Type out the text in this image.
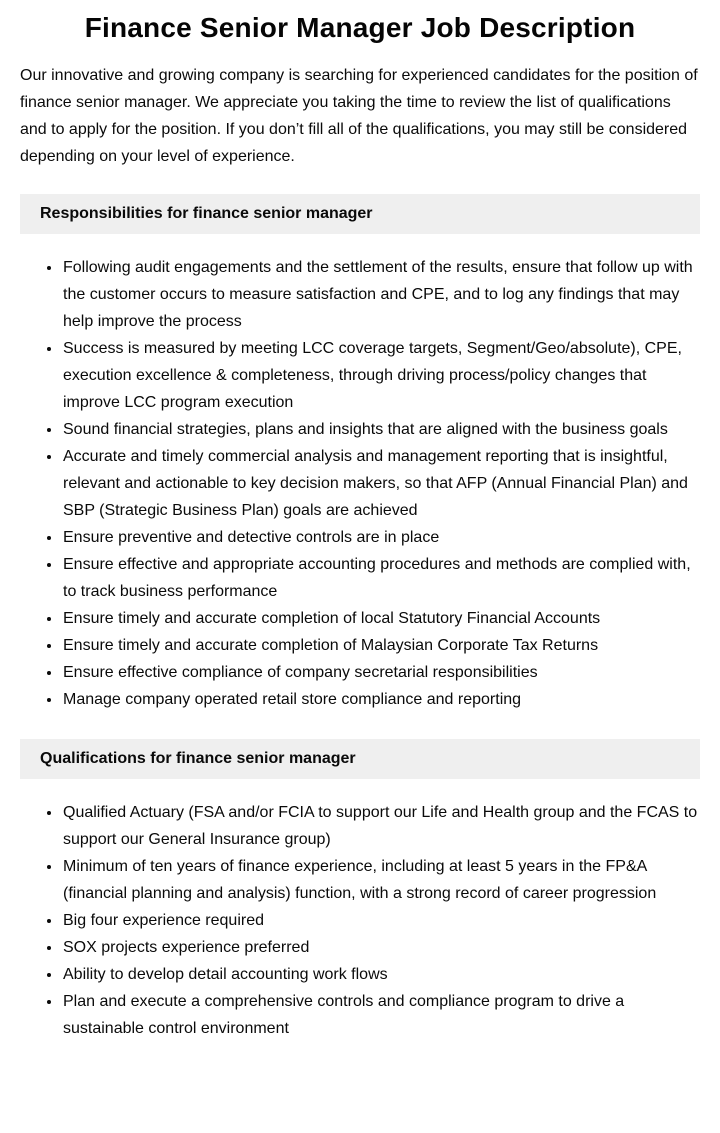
Finance Senior Manager Job Description

Our innovative and growing company is searching for experienced candidates for the position of finance senior manager. We appreciate you taking the time to review the list of qualifications and to apply for the position. If you don’t fill all of the qualifications, you may still be considered depending on your level of experience.

Responsibilities for finance senior manager
• Following audit engagements and the settlement of the results, ensure that follow up with the customer occurs to measure satisfaction and CPE, and to log any findings that may help improve the process
• Success is measured by meeting LCC coverage targets, Segment/Geo/absolute), CPE, execution excellence & completeness, through driving process/policy changes that improve LCC program execution
• Sound financial strategies, plans and insights that are aligned with the business goals
• Accurate and timely commercial analysis and management reporting that is insightful, relevant and actionable to key decision makers, so that AFP (Annual Financial Plan) and SBP (Strategic Business Plan) goals are achieved
• Ensure preventive and detective controls are in place
• Ensure effective and appropriate accounting procedures and methods are complied with, to track business performance
• Ensure timely and accurate completion of local Statutory Financial Accounts
• Ensure timely and accurate completion of Malaysian Corporate Tax Returns
• Ensure effective compliance of company secretarial responsibilities
• Manage company operated retail store compliance and reporting
Qualifications for finance senior manager
• Qualified Actuary (FSA and/or FCIA to support our Life and Health group and the FCAS to support our General Insurance group)
• Minimum of ten years of finance experience, including at least 5 years in the FP&A (financial planning and analysis) function, with a strong record of career progression
• Big four experience required
• SOX projects experience preferred
• Ability to develop detail accounting work flows
• Plan and execute a comprehensive controls and compliance program to drive a sustainable control environment
